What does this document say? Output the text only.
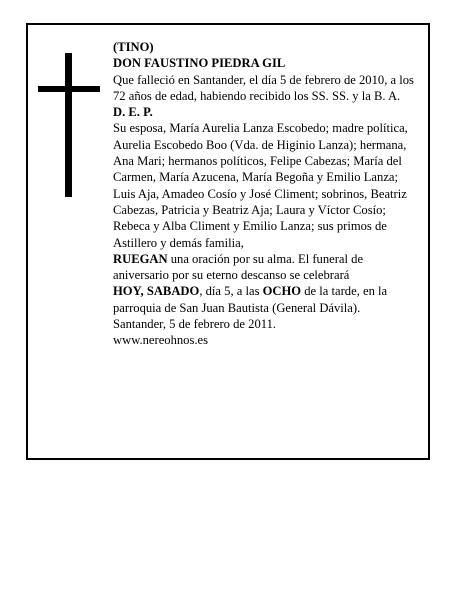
(TINO)

DON FAUSTINO PIEDRA GIL

Que falleció en Santander, el día 5 de febrero de 2010, a los

72 años de edad, habiendo recibido los SS. SS. y la B. A.

D. E. P.

Su esposa, María Aurelia Lanza Escobedo; madre política, Aurelia Escobedo Boo (Vda. de Higinio Lanza); hermana, Ana Mari; hermanos políticos, Felipe Cabezas; María del Carmen, María Azucena, María Begoña y Emilio Lanza; Luis Aja, Amadeo Cosío y José Climent; sobrinos, Beatriz Cabezas, Patricia y Beatriz Aja; Laura y Víctor Cosío; Rebeca y Alba Climent y Emilio Lanza; sus primos de Astillero y demás familia,

RUEGAN una oración por su alma. El funeral de aniversario por su eterno descanso se celebrará

HOY, SABADO, día 5, a las OCHO de la tarde, en la parroquia de San Juan Bautista (General Dávila).

Santander, 5 de febrero de 2011.

www.nereohnos.es
